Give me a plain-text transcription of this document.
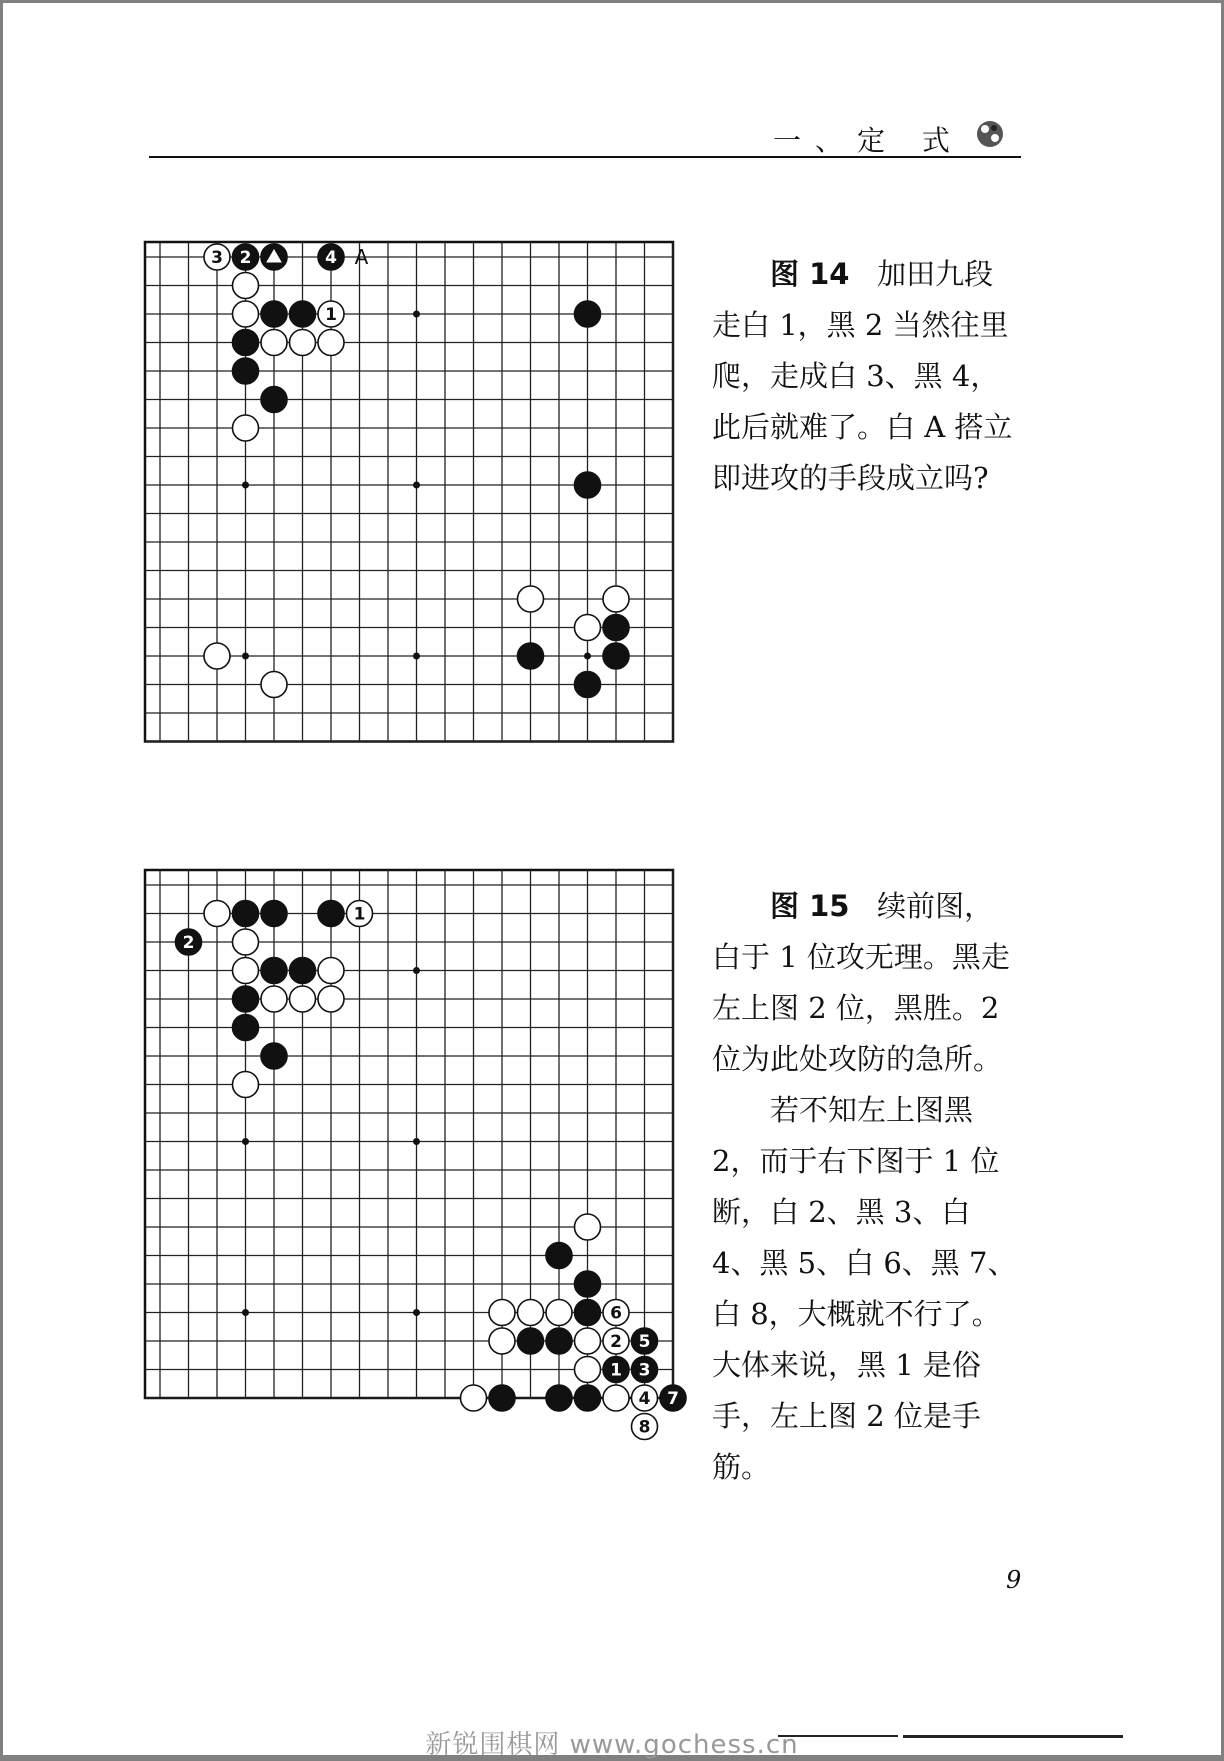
一、定 式
3 2	4
1
A	图 14 加田九段走白 1，黑 2 当然往里爬，走成白 3、黑 4，此后就难了。白 A 搭立即进攻的手段成立吗?

1
2
6
2 5
1 3
4 7
8

图 15 续前图，白于 1 位攻无理。黑走左上图 2 位，黑胜。2 位为此处攻防的急所。

若不知左上图黑 2，而于右下图于 1 位断，白 2、黑 3、白 4、黑 5、白 6、黑 7、白 8，大概就不行了。大体来说，黑 1 是俗手，左上图 2 位是手筋。

9
新锐围棋网 www.gochess.cn
